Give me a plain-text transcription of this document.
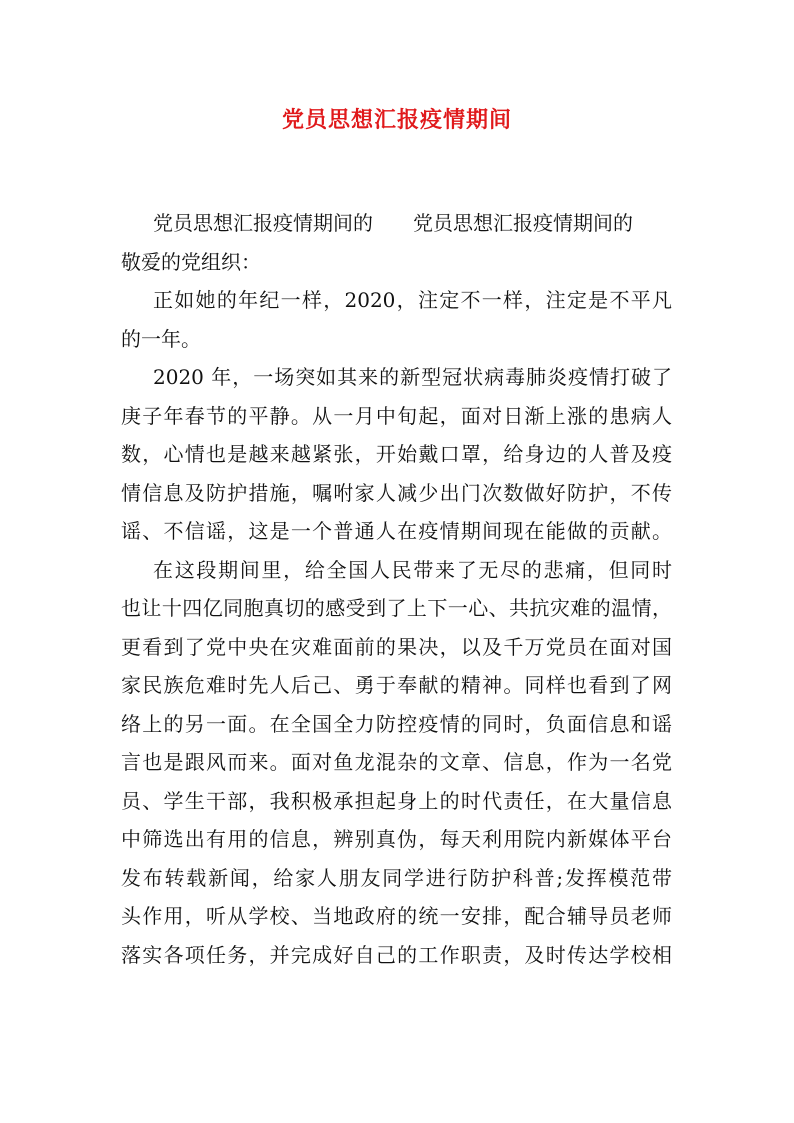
党员思想汇报疫情期间
党员思想汇报疫情期间的 党员思想汇报疫情期间的
敬爱的党组织：
正如她的年纪一样，2020，注定不一样，注定是不平凡
的一年。
2020 年，一场突如其来的新型冠状病毒肺炎疫情打破了
庚子年春节的平静。从一月中旬起，面对日渐上涨的患病人
数，心情也是越来越紧张，开始戴口罩，给身边的人普及疫
情信息及防护措施，嘱咐家人减少出门次数做好防护，不传
谣、不信谣，这是一个普通人在疫情期间现在能做的贡献。
在这段期间里，给全国人民带来了无尽的悲痛，但同时
也让十四亿同胞真切的感受到了上下一心、共抗灾难的温情，
更看到了党中央在灾难面前的果决，以及千万党员在面对国
家民族危难时先人后己、勇于奉献的精神。同样也看到了网
络上的另一面。在全国全力防控疫情的同时，负面信息和谣
言也是跟风而来。面对鱼龙混杂的文章、信息，作为一名党
员、学生干部，我积极承担起身上的时代责任，在大量信息
中筛选出有用的信息，辨别真伪，每天利用院内新媒体平台
发布转载新闻，给家人朋友同学进行防护科普;发挥模范带
头作用，听从学校、当地政府的统一安排，配合辅导员老师
落实各项任务，并完成好自己的工作职责，及时传达学校相
